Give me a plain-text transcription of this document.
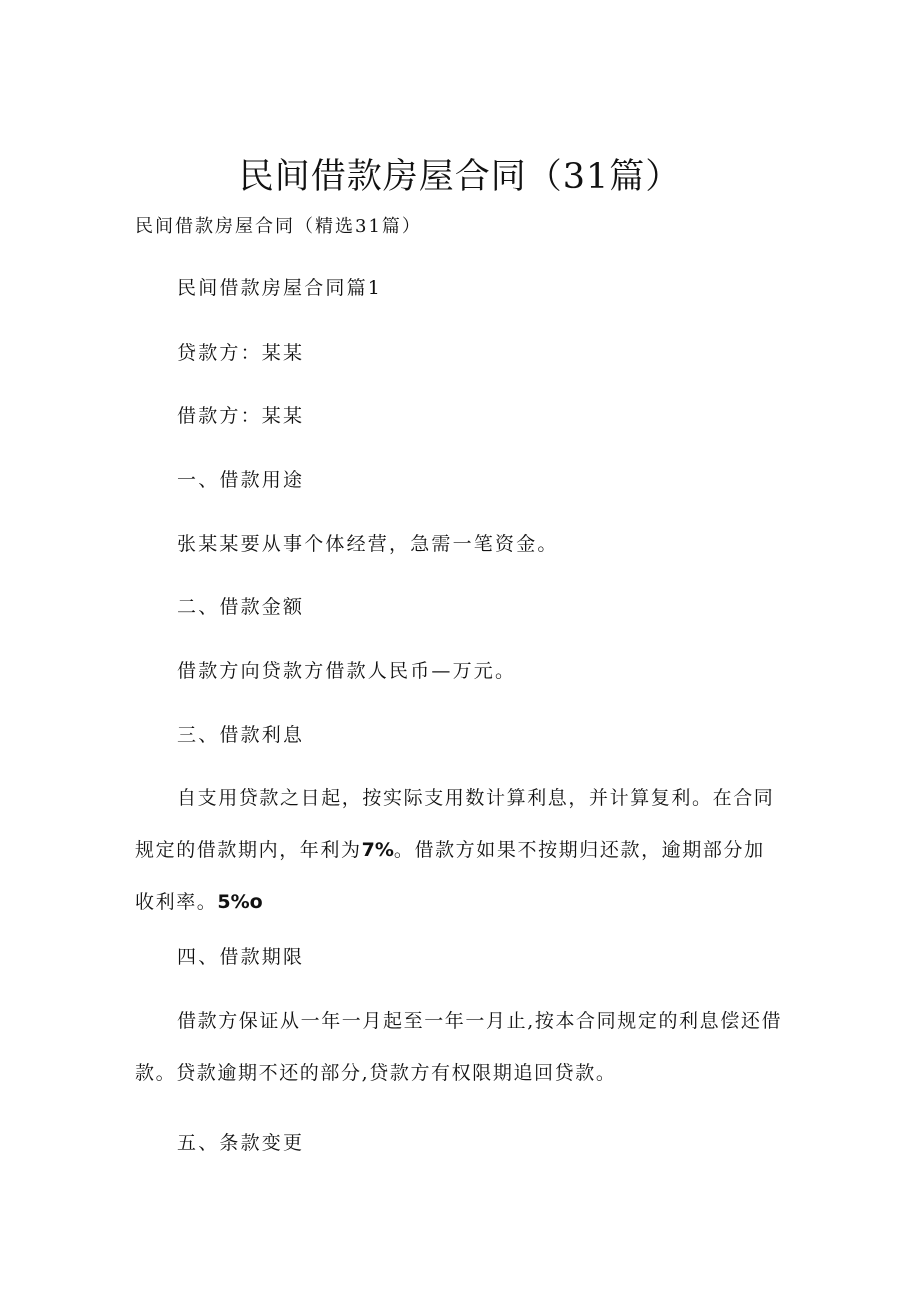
民间借款房屋合同（31篇）
民间借款房屋合同（精选31篇）
民间借款房屋合同篇1
贷款方：某某
借款方：某某
一、借款用途
张某某要从事个体经营，急需一笔资金。
二、借款金额
借款方向贷款方借款人民币—万元。
三、借款利息
自支用贷款之日起，按实际支用数计算利息，并计算复利。在合同规定的借款期内，年利为7%。借款方如果不按期归还款，逾期部分加收利率。5%o
四、借款期限
借款方保证从一年一月起至一年一月止,按本合同规定的利息偿还借款。贷款逾期不还的部分,贷款方有权限期追回贷款。
五、条款变更
